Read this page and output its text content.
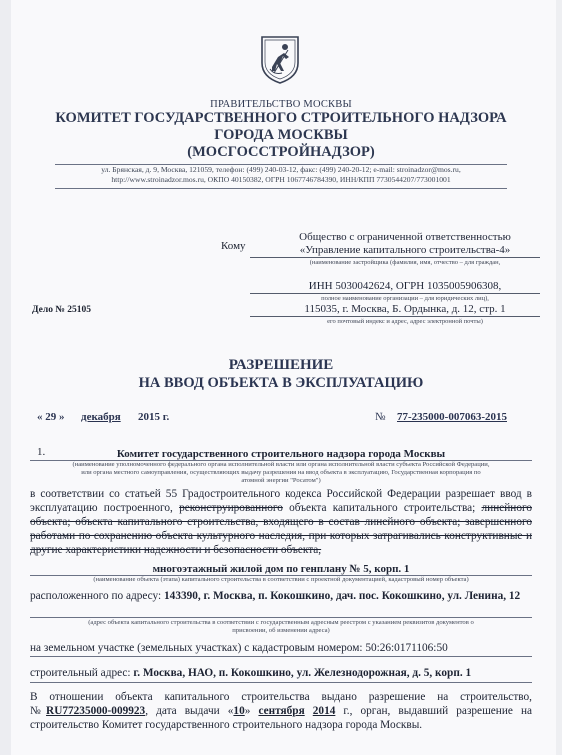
ПРАВИТЕЛЬСТВО МОСКВЫ
КОМИТЕТ ГОСУДАРСТВЕННОГО СТРОИТЕЛЬНОГО НАДЗОРА
ГОРОДА МОСКВЫ
(МОСГОССТРОЙНАДЗОР)
ул. Брянская, д. 9, Москва, 121059, телефон: (499) 240-03-12, факс: (499) 240-20-12; e-mail: stroinadzor@mos.ru,
http://www.stroinadzor.mos.ru, ОКПО 40150382, ОГРН 1067746784390, ИНН/КПП 7730544207/773001001
Кому
Общество с ограниченной ответственностью
«Управление капитального строительства-4»
(наименование застройщика (фамилия, имя, отчество – для граждан,
ИНН 5030042624, ОГРН 1035005906308,
полное наименование организации – для юридических лиц),
115035, г. Москва, Б. Ордынка, д. 12, стр. 1
его почтовый индекс и адрес, адрес электронной почты)
Дело № 25105
РАЗРЕШЕНИЕ
НА ВВОД ОБЪЕКТА В ЭКСПЛУАТАЦИЮ
« 29 » декабря 2015 г.	№ 77-235000-007063-2015
1.	Комитет государственного строительного надзора города Москвы
(наименование уполномоченного федерального органа исполнительной власти или органа исполнительной власти субъекта Российской Федерации,
или органа местного самоуправления, осуществляющих выдачу разрешения на ввод объекта в эксплуатацию, Государственная корпорация по
атомной энергии "Росатом")
в соответствии со статьей 55 Градостроительного кодекса Российской Федерации разрешает ввод в эксплуатацию построенного, реконструированного объекта капитального строительства; линейного объекта; объекта капитального строительства, входящего в состав линейного объекта; завершенного работами по сохранению объекта культурного наследия, при которых затрагивались конструктивные и другие характеристики надежности и безопасности объекта,
многоэтажный жилой дом по генплану № 5, корп. 1
(наименование объекта (этапа) капитального строительства в соответствии с проектной документацией, кадастровый номер объекта)
расположенного по адресу: 143390, г. Москва, п. Кокошкино, дач. пос. Кокошкино, ул. Ленина, 12
(адрес объекта капитального строительства в соответствии с государственным адресным реестром с указанием реквизитов документов о
присвоении, об изменении адреса)
на земельном участке (земельных участках) с кадастровым номером: 50:26:0171106:50
строительный адрес: г. Москва, НАО, п. Кокошкино, ул. Железнодорожная, д. 5, корп. 1
В отношении объекта капитального строительства выдано разрешение на строительство, №RU77235000-009923, дата выдачи «10» сентября 2014 г., орган, выдавший разрешение на строительство Комитет государственного строительного надзора города Москвы.
